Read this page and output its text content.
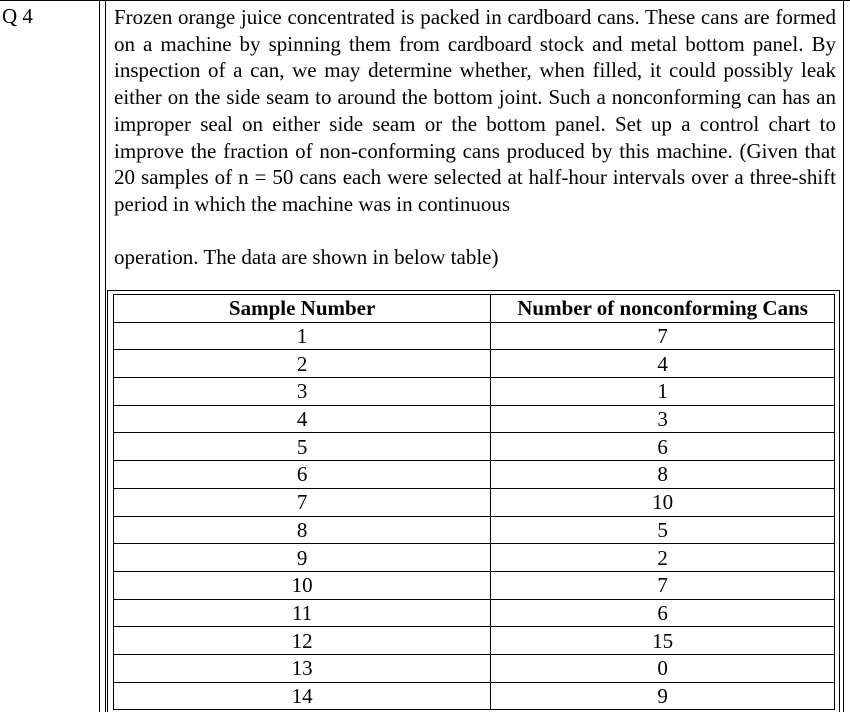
Q 4	Frozen orange juice concentrated is packed in cardboard cans. These cans are formed on a machine by spinning them from cardboard stock and metal bottom panel. By inspection of a can, we may determine whether, when filled, it could possibly leak either on the side seam to around the bottom joint. Such a nonconforming can has an improper seal on either side seam or the bottom panel. Set up a control chart to improve the fraction of non-conforming cans produced by this machine. (Given that 20 samples of n = 50 cans each were selected at half-hour intervals over a three-shift period in which the machine was in continuous
operation. The data are shown in below table)
Sample Number	Number of nonconforming Cans
1	7
2	4
3	1
4	3
5	6
6	8
7	10
8	5
9	2
10	7
11	6
12	15
13	0
14	9
